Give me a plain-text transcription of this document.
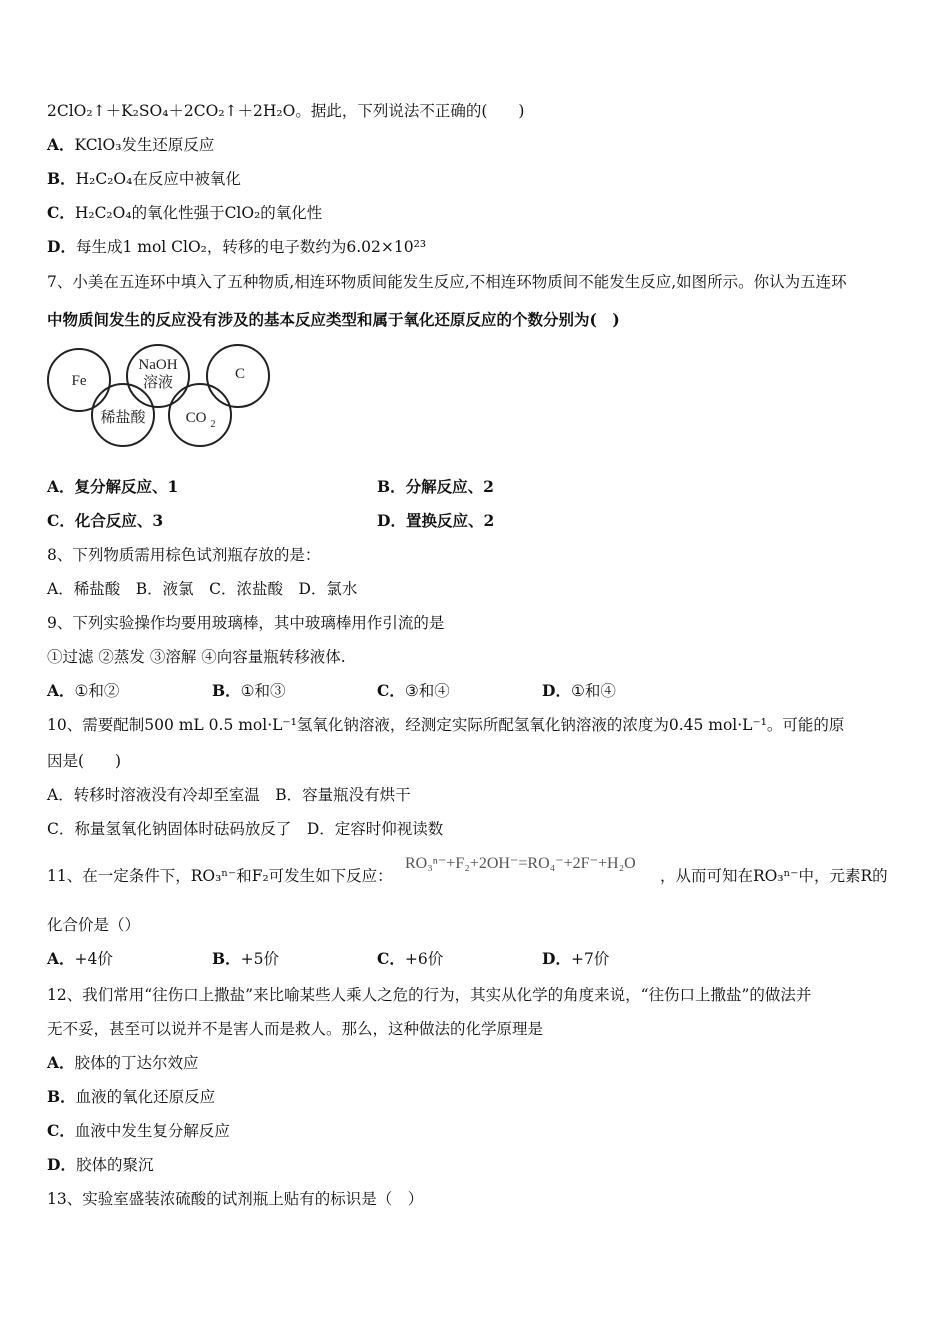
2ClO₂↑＋K₂SO₄＋2CO₂↑＋2H₂O。据此，下列说法不正确的(　　)
A．KClO₃发生还原反应
B．H₂C₂O₄在反应中被氧化
C．H₂C₂O₄的氧化性强于ClO₂的氧化性
D．每生成1 mol ClO₂，转移的电子数约为6.02×10²³
7、小美在五连环中填入了五种物质,相连环物质间能发生反应,不相连环物质间不能发生反应,如图所示。你认为五连环
中物质间发生的反应没有涉及的基本反应类型和属于氧化还原反应的个数分别为(　)
Fe
NaOH
溶液
C
稀盐酸	CO 2
A．复分解反应、1	B．分解反应、2
C．化合反应、3	D．置换反应、2
8、下列物质需用棕色试剂瓶存放的是：
A．稀盐酸　B．液氯　C．浓盐酸　D．氯水
9、下列实验操作均要用玻璃棒，其中玻璃棒用作引流的是
①过滤 ②蒸发 ③溶解 ④向容量瓶转移液体.
A．①和②	B．①和③	C．③和④	D．①和④
10、需要配制500 mL 0.5 mol·L⁻¹氢氧化钠溶液，经测定实际所配氢氧化钠溶液的浓度为0.45 mol·L⁻¹。可能的原
因是(　　)
A．转移时溶液没有冷却至室温　B．容量瓶没有烘干
C．称量氢氧化钠固体时砝码放反了　D．定容时仰视读数
11、在一定条件下，RO₃ⁿ⁻和F₂可发生如下反应：
RO₃ⁿ⁻+F₂+2OH⁻=RO₄⁻+2F⁻+H₂O
，从而可知在RO₃ⁿ⁻中，元素R的
化合价是（）
A．+4价	B．+5价	C．+6价	D．+7价
12、我们常用“往伤口上撒盐”来比喻某些人乘人之危的行为，其实从化学的角度来说，“往伤口上撒盐”的做法并
无不妥，甚至可以说并不是害人而是救人。那么，这种做法的化学原理是
A．胶体的丁达尔效应
B．血液的氧化还原反应
C．血液中发生复分解反应
D．胶体的聚沉
13、实验室盛装浓硫酸的试剂瓶上贴有的标识是（　）
